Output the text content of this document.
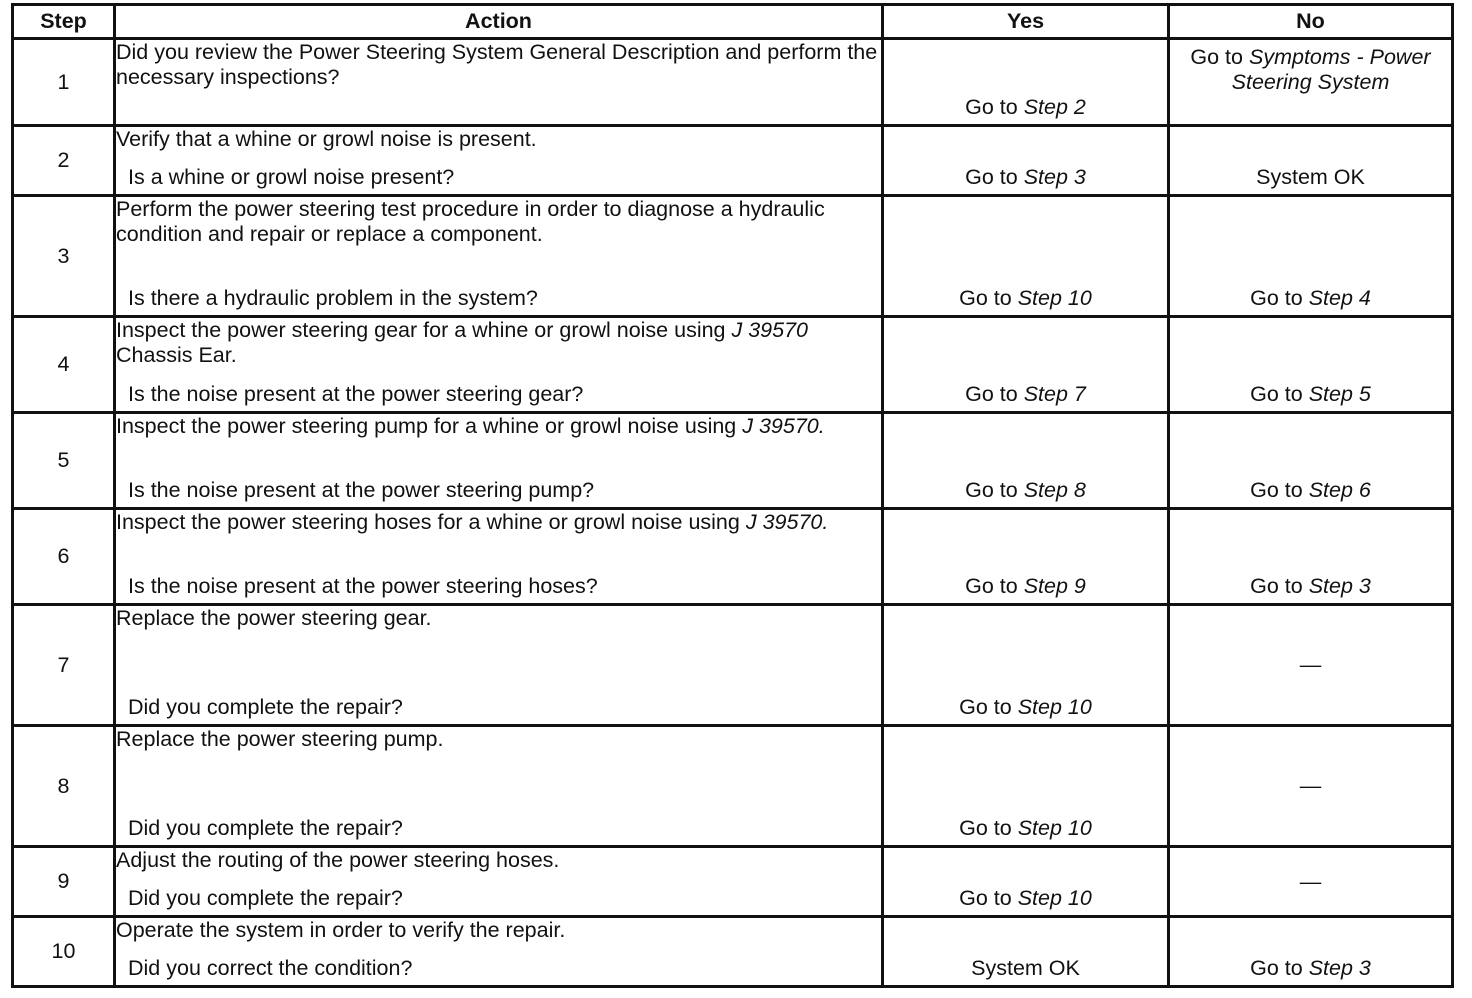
Step	Action	Yes	No
1	Did you review the Power Steering System General Description and perform the necessary inspections?	Go to Step 2	Go to Symptoms - Power Steering System

2	Verify that a whine or growl noise is present.
Is a whine or growl noise present?	Go to Step 3	System OK

3	Perform the power steering test procedure in order to diagnose a hydraulic condition and repair or replace a component.
Is there a hydraulic problem in the system?	Go to Step 10	Go to Step 4

4	Inspect the power steering gear for a whine or growl noise using J 39570 Chassis Ear.
Is the noise present at the power steering gear?	Go to Step 7	Go to Step 5

5	Inspect the power steering pump for a whine or growl noise using J 39570.
Is the noise present at the power steering pump?	Go to Step 8	Go to Step 6

6	Inspect the power steering hoses for a whine or growl noise using J 39570.
Is the noise present at the power steering hoses?	Go to Step 9	Go to Step 3

7	Replace the power steering gear.
Did you complete the repair?	Go to Step 10	—

8	Replace the power steering pump.
Did you complete the repair?	Go to Step 10	—

9	Adjust the routing of the power steering hoses.
Did you complete the repair?	Go to Step 10	—

10	Operate the system in order to verify the repair.
Did you correct the condition?	System OK	Go to Step 3
